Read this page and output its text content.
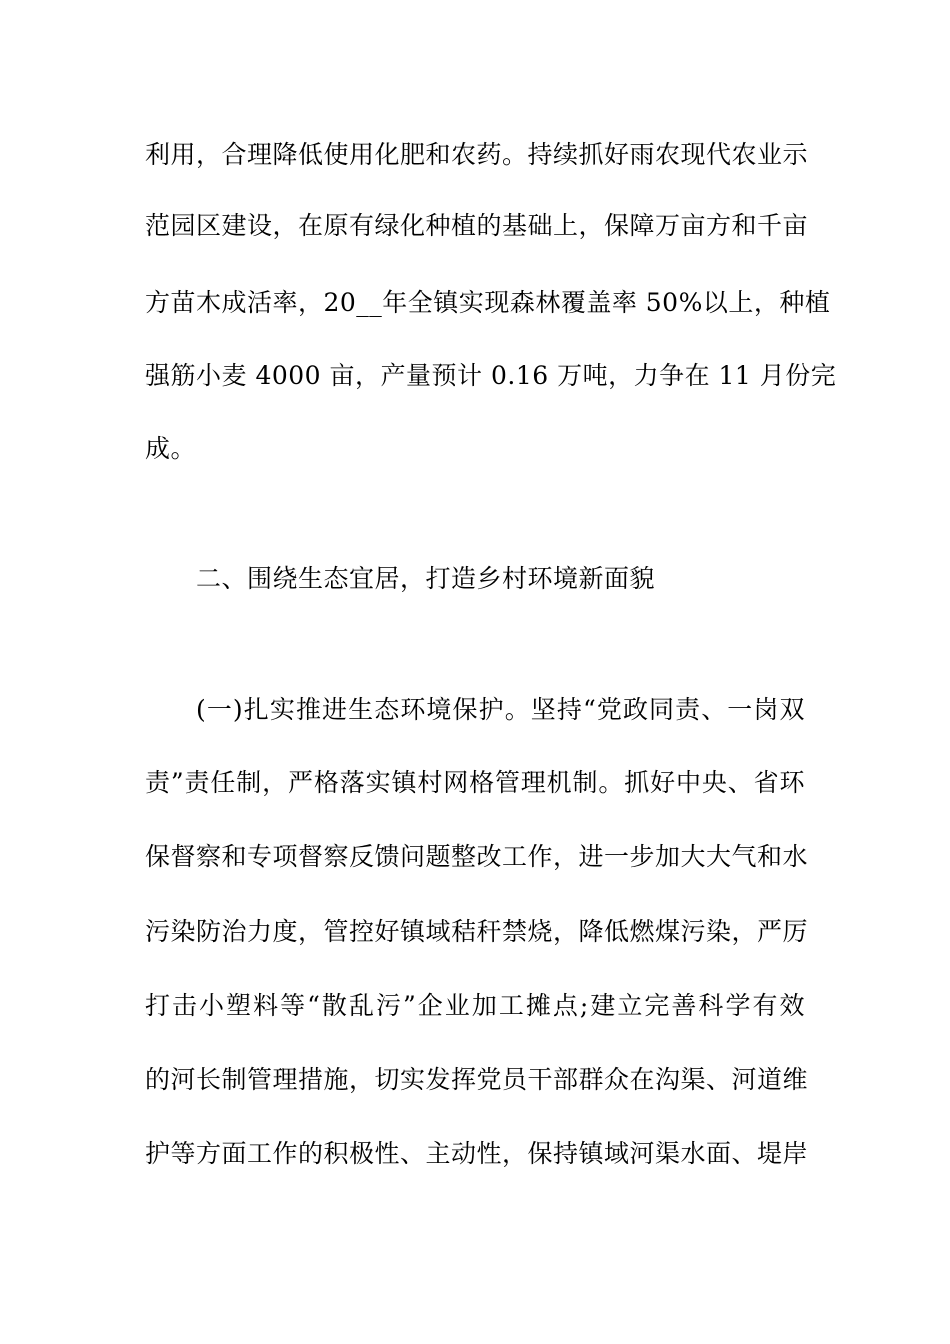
利用，合理降低使用化肥和农药。持续抓好雨农现代农业示
范园区建设，在原有绿化种植的基础上，保障万亩方和千亩
方苗木成活率，20__年全镇实现森林覆盖率 50%以上，种植
强筋小麦 4000 亩，产量预计 0.16 万吨，力争在 11 月份完
成。
二、围绕生态宜居，打造乡村环境新面貌
(一)扎实推进生态环境保护。坚持“党政同责、一岗双
责”责任制，严格落实镇村网格管理机制。抓好中央、省环
保督察和专项督察反馈问题整改工作，进一步加大大气和水
污染防治力度，管控好镇域秸秆禁烧，降低燃煤污染，严厉
打击小塑料等“散乱污”企业加工摊点;建立完善科学有效
的河长制管理措施，切实发挥党员干部群众在沟渠、河道维
护等方面工作的积极性、主动性，保持镇域河渠水面、堤岸
